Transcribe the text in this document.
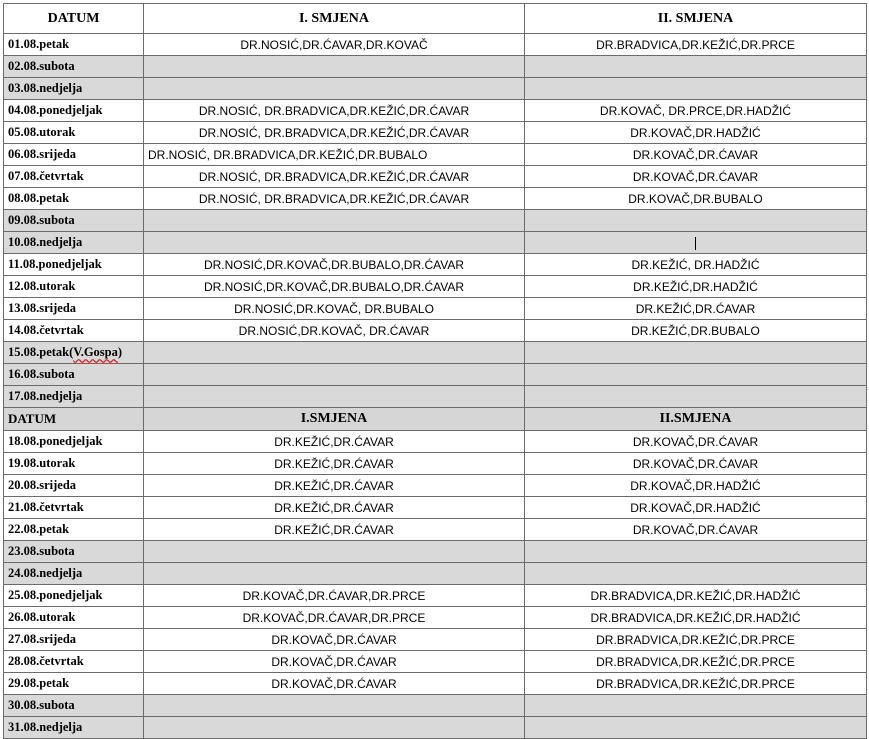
DATUM	I. SMJENA	II. SMJENA
01.08.petak	DR.NOSIĆ,DR.ĆAVAR,DR.KOVAČ	DR.BRADVICA,DR.KEŽIĆ,DR.PRCE
02.08.subota		
03.08.nedjelja		
04.08.ponedjeljak	DR.NOSIĆ, DR.BRADVICA,DR.KEŽIĆ,DR.ĆAVAR	DR.KOVAČ, DR.PRCE,DR.HADŽIĆ
05.08.utorak	DR.NOSIĆ, DR.BRADVICA,DR.KEŽIĆ,DR.ĆAVAR	DR.KOVAČ,DR.HADŽIĆ
06.08.srijeda	DR.NOSIĆ, DR.BRADVICA,DR.KEŽIĆ,DR.BUBALO	DR.KOVAČ,DR.ĆAVAR
07.08.četvrtak	DR.NOSIĆ, DR.BRADVICA,DR.KEŽIĆ,DR.ĆAVAR	DR.KOVAČ,DR.ĆAVAR
08.08.petak	DR.NOSIĆ, DR.BRADVICA,DR.KEŽIĆ,DR.ĆAVAR	DR.KOVAČ,DR.BUBALO
09.08.subota		
10.08.nedjelja		
11.08.ponedjeljak	DR.NOSIĆ,DR.KOVAČ,DR.BUBALO,DR.ĆAVAR	DR.KEŽIĆ, DR.HADŽIĆ
12.08.utorak	DR.NOSIĆ,DR.KOVAČ,DR.BUBALO,DR.ĆAVAR	DR.KEŽIĆ,DR.HADŽIĆ
13.08.srijeda	DR.NOSIĆ,DR.KOVAČ, DR.BUBALO	DR.KEŽIĆ,DR.ĆAVAR
14.08.četvrtak	DR.NOSIĆ,DR.KOVAČ, DR.ĆAVAR	DR.KEŽIĆ,DR.BUBALO
15.08.petak(V.Gospa)		
16.08.subota		
17.08.nedjelja		
DATUM	I.SMJENA	II.SMJENA
18.08.ponedjeljak	DR.KEŽIĆ,DR.ĆAVAR	DR.KOVAČ,DR.ĆAVAR
19.08.utorak	DR.KEŽIĆ,DR.ĆAVAR	DR.KOVAČ,DR.ĆAVAR
20.08.srijeda	DR.KEŽIĆ,DR.ĆAVAR	DR.KOVAČ,DR.HADŽIĆ
21.08.četvrtak	DR.KEŽIĆ,DR.ĆAVAR	DR.KOVAČ,DR.HADŽIĆ
22.08.petak	DR.KEŽIĆ,DR.ĆAVAR	DR.KOVAČ,DR.ĆAVAR
23.08.subota		
24.08.nedjelja		
25.08.ponedjeljak	DR.KOVAČ,DR.ĆAVAR,DR.PRCE	DR.BRADVICA,DR.KEŽIĆ,DR.HADŽIĆ
26.08.utorak	DR.KOVAČ,DR.ĆAVAR,DR.PRCE	DR.BRADVICA,DR.KEŽIĆ,DR.HADŽIĆ
27.08.srijeda	DR.KOVAČ,DR.ĆAVAR	DR.BRADVICA,DR.KEŽIĆ,DR.PRCE
28.08.četvrtak	DR.KOVAČ,DR.ĆAVAR	DR.BRADVICA,DR.KEŽIĆ,DR.PRCE
29.08.petak	DR.KOVAČ,DR.ĆAVAR	DR.BRADVICA,DR.KEŽIĆ,DR.PRCE
30.08.subota		
31.08.nedjelja		
